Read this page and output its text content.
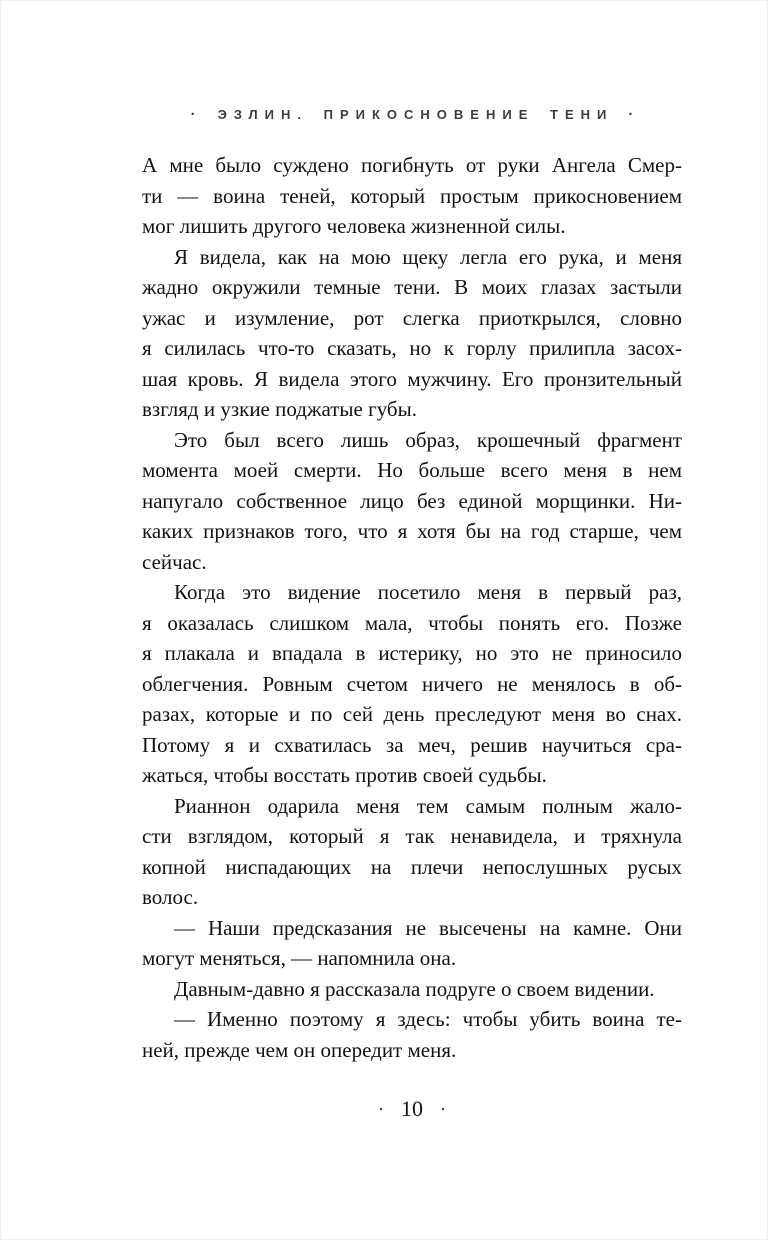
·	ЭЗЛИН. ПРИКОСНОВЕНИЕ ТЕНИ ·

А мне было суждено погибнуть от руки Ангела Смер-
ти — воина теней, который простым прикосновением
мог лишить другого человека жизненной силы.

Я видела, как на мою щеку легла его рука, и меня
жадно окружили темные тени. В моих глазах застыли
ужас и изумление, рот слегка приоткрылся, словно
я силилась что-то сказать, но к горлу прилипла засох-
шая кровь. Я видела этого мужчину. Его пронзительный
взгляд и узкие поджатые губы.

Это был всего лишь образ, крошечный фрагмент
момента моей смерти. Но больше всего меня в нем
напугало собственное лицо без единой морщинки. Ни-
каких признаков того, что я хотя бы на год старше, чем
сейчас.

Когда это видение посетило меня в первый раз,
я оказалась слишком мала, чтобы понять его. Позже
я плакала и впадала в истерику, но это не приносило
облегчения. Ровным счетом ничего не менялось в об-
разах, которые и по сей день преследуют меня во снах.
Потому я и схватилась за меч, решив научиться сра-
жаться, чтобы восстать против своей судьбы.

Рианнон одарила меня тем самым полным жало-
сти взглядом, который я так ненавидела, и тряхнула
копной ниспадающих на плечи непослушных русых
волос.

— Наши предсказания не высечены на камне. Они
могут меняться, — напомнила она.

Давным-давно я рассказала подруге о своем видении.

— Именно поэтому я здесь: чтобы убить воина те-
ней, прежде чем он опередит меня.

· 10 ·
